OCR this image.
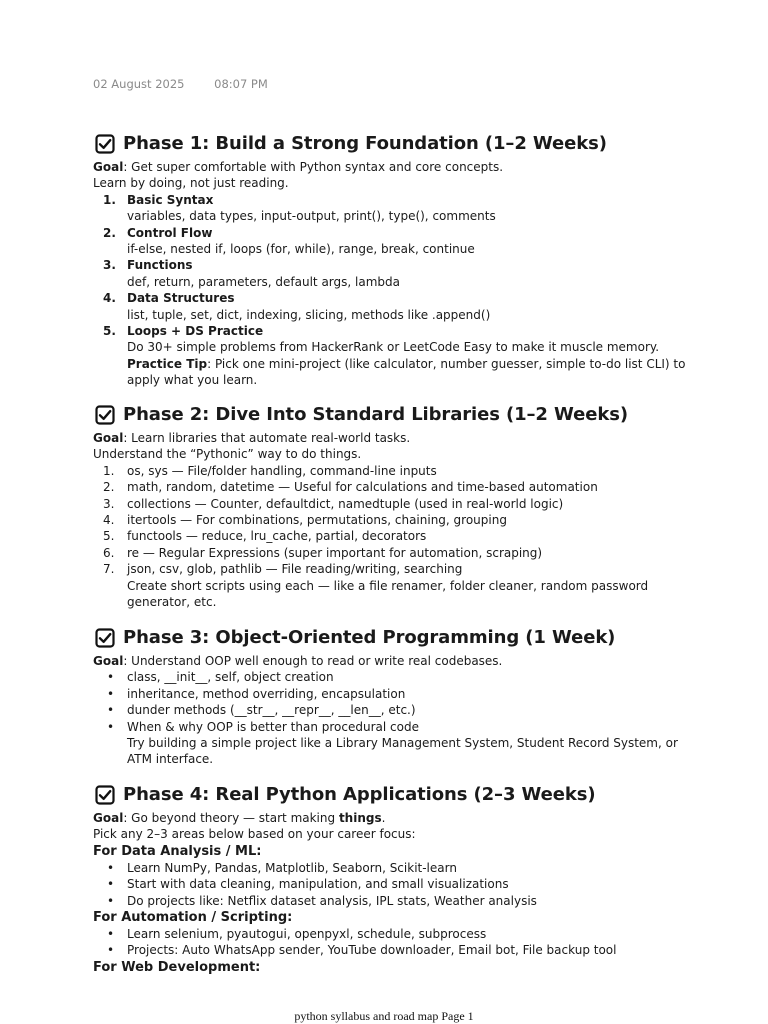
02 August 2025	08:07 PM
Phase 1: Build a Strong Foundation (1–2 Weeks)
Goal: Get super comfortable with Python syntax and core concepts.
Learn by doing, not just reading.
1. Basic Syntax
variables, data types, input-output, print(), type(), comments
2. Control Flow
if-else, nested if, loops (for, while), range, break, continue
3. Functions
def, return, parameters, default args, lambda
4. Data Structures
list, tuple, set, dict, indexing, slicing, methods like .append()
5. Loops + DS Practice
Do 30+ simple problems from HackerRank or LeetCode Easy to make it muscle memory.
Practice Tip: Pick one mini-project (like calculator, number guesser, simple to-do list CLI) to
apply what you learn.
Phase 2: Dive Into Standard Libraries (1–2 Weeks)
Goal: Learn libraries that automate real-world tasks.
Understand the “Pythonic” way to do things.
1.	os, sys — File/folder handling, command-line inputs
2.	math, random, datetime — Useful for calculations and time-based automation
3.	collections — Counter, defaultdict, namedtuple (used in real-world logic)
4.	itertools — For combinations, permutations, chaining, grouping
5.	functools — reduce, lru_cache, partial, decorators
6.	re — Regular Expressions (super important for automation, scraping)
7.	json, csv, glob, pathlib — File reading/writing, searching
Create short scripts using each — like a file renamer, folder cleaner, random password
generator, etc.
Phase 3: Object-Oriented Programming (1 Week)
Goal: Understand OOP well enough to read or write real codebases.
• class, __init__, self, object creation
• inheritance, method overriding, encapsulation
• dunder methods (__str__, __repr__, __len__, etc.)
• When & why OOP is better than procedural code
Try building a simple project like a Library Management System, Student Record System, or
ATM interface.
Phase 4: Real Python Applications (2–3 Weeks)
Goal: Go beyond theory — start making things.
Pick any 2–3 areas below based on your career focus:
For Data Analysis / ML:
• Learn NumPy, Pandas, Matplotlib, Seaborn, Scikit-learn
• Start with data cleaning, manipulation, and small visualizations
• Do projects like: Netflix dataset analysis, IPL stats, Weather analysis
For Automation / Scripting:
• Learn selenium, pyautogui, openpyxl, schedule, subprocess
• Projects: Auto WhatsApp sender, YouTube downloader, Email bot, File backup tool
For Web Development:
python syllabus and road map Page 1
